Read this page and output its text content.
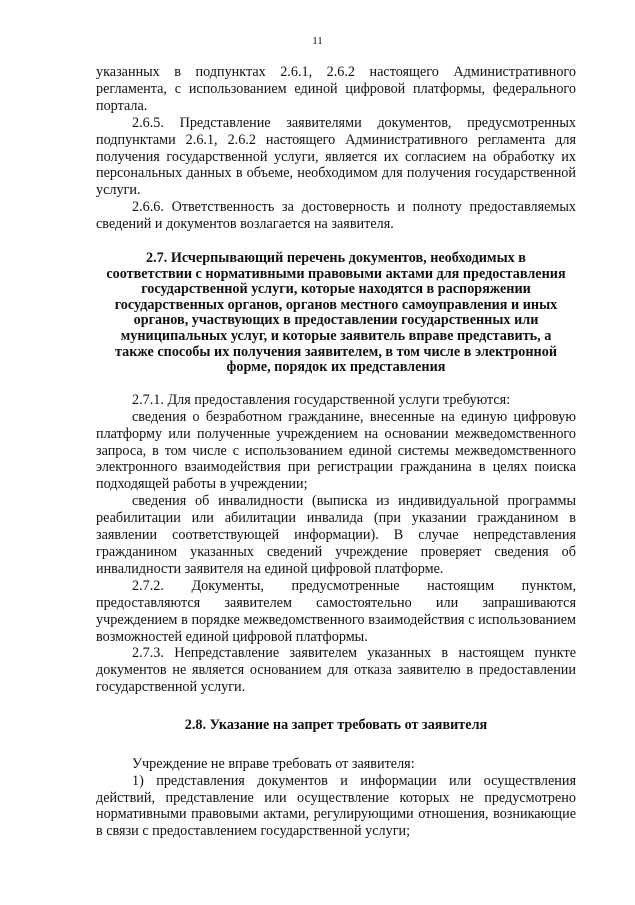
11

указанных в подпунктах 2.6.1, 2.6.2 настоящего Административного регламента, с использованием единой цифровой платформы, федерального портала.

2.6.5. Представление заявителями документов, предусмотренных подпунктами 2.6.1, 2.6.2 настоящего Административного регламента для получения государственной услуги, является их согласием на обработку их персональных данных в объеме, необходимом для получения государственной услуги.

2.6.6. Ответственность за достоверность и полноту предоставляемых сведений и документов возлагается на заявителя.

2.7. Исчерпывающий перечень документов, необходимых в соответствии с нормативными правовыми актами для предоставления государственной услуги, которые находятся в распоряжении государственных органов, органов местного самоуправления и иных органов, участвующих в предоставлении государственных или муниципальных услуг, и которые заявитель вправе представить, а также способы их получения заявителем, в том числе в электронной форме, порядок их представления

2.7.1. Для предоставления государственной услуги требуются:

сведения о безработном гражданине, внесенные на единую цифровую платформу или полученные учреждением на основании межведомственного запроса, в том числе с использованием единой системы межведомственного электронного взаимодействия при регистрации гражданина в целях поиска подходящей работы в учреждении;

сведения об инвалидности (выписка из индивидуальной программы реабилитации или абилитации инвалида (при указании гражданином в заявлении соответствующей информации). В случае непредставления гражданином указанных сведений учреждение проверяет сведения об инвалидности заявителя на единой цифровой платформе.

2.7.2. Документы, предусмотренные настоящим пунктом, предоставляются заявителем самостоятельно или запрашиваются учреждением в порядке межведомственного взаимодействия с использованием возможностей единой цифровой платформы.

2.7.3. Непредставление заявителем указанных в настоящем пункте документов не является основанием для отказа заявителю в предоставлении государственной услуги.

2.8. Указание на запрет требовать от заявителя

Учреждение не вправе требовать от заявителя:

1) представления документов и информации или осуществления действий, представление или осуществление которых не предусмотрено нормативными правовыми актами, регулирующими отношения, возникающие в связи с предоставлением государственной услуги;
